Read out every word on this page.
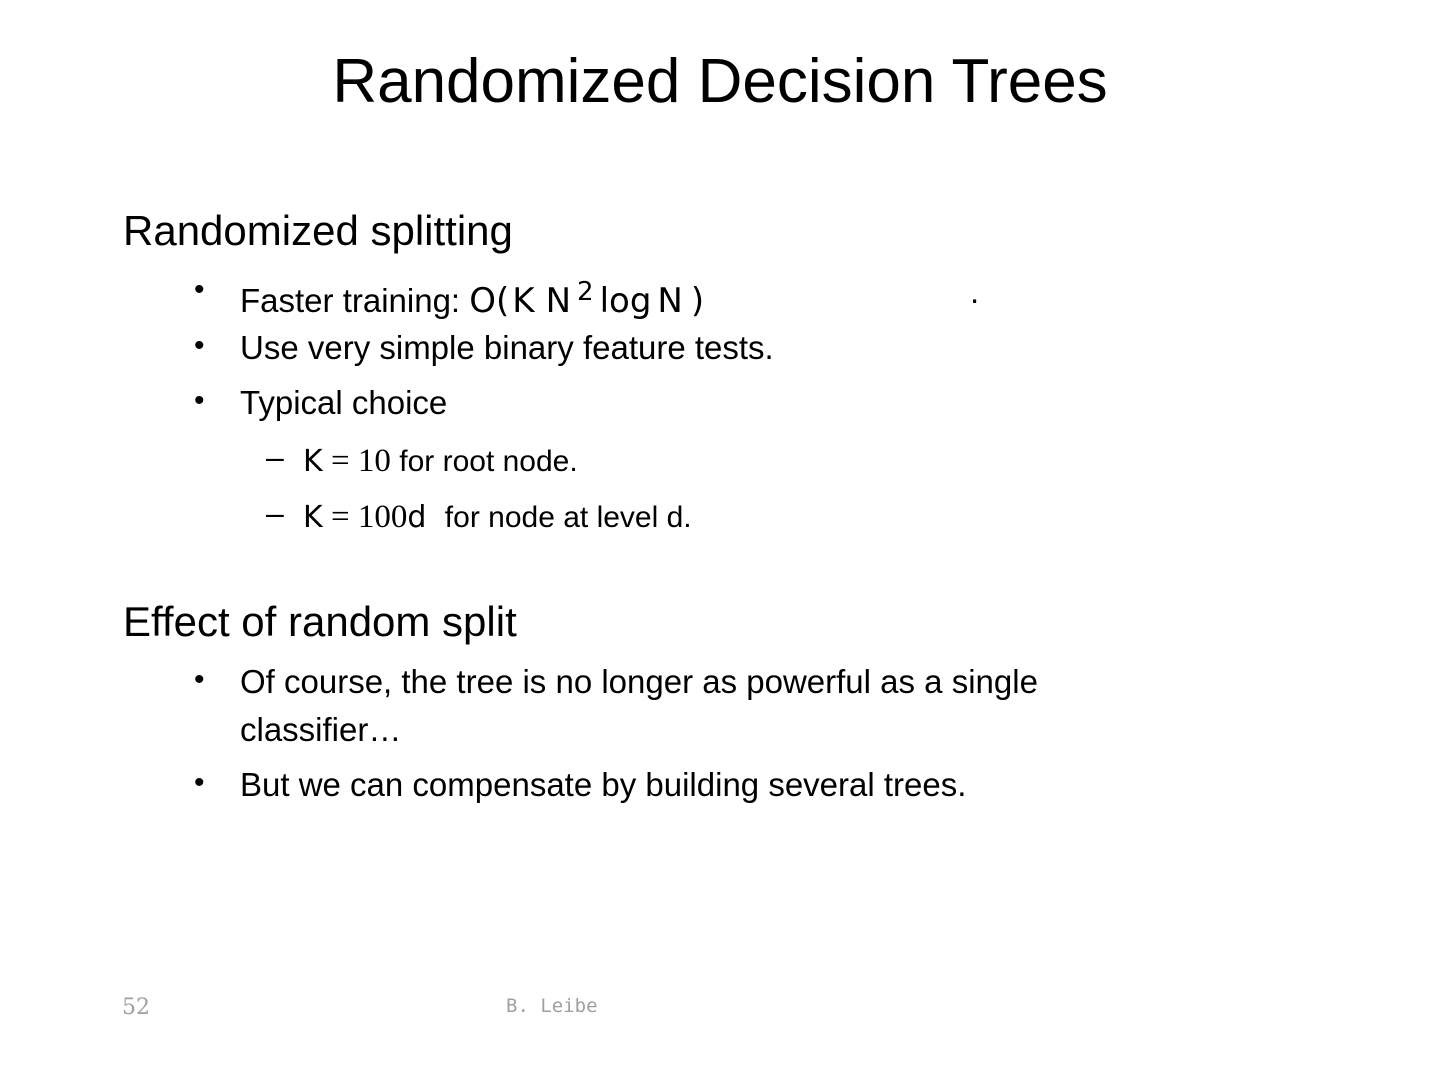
Randomized Decision Trees
Randomized splitting
• Faster training: O(K N $^2$ log N )	.
• Use very simple binary feature tests.
• Typical choice
– K = 10 for root node.
– K = 100d for node at level d.
Effect of random split
• Of course, the tree is no longer as powerful as a single
classifier…
• But we can compensate by building several trees.
52	B. Leibe
